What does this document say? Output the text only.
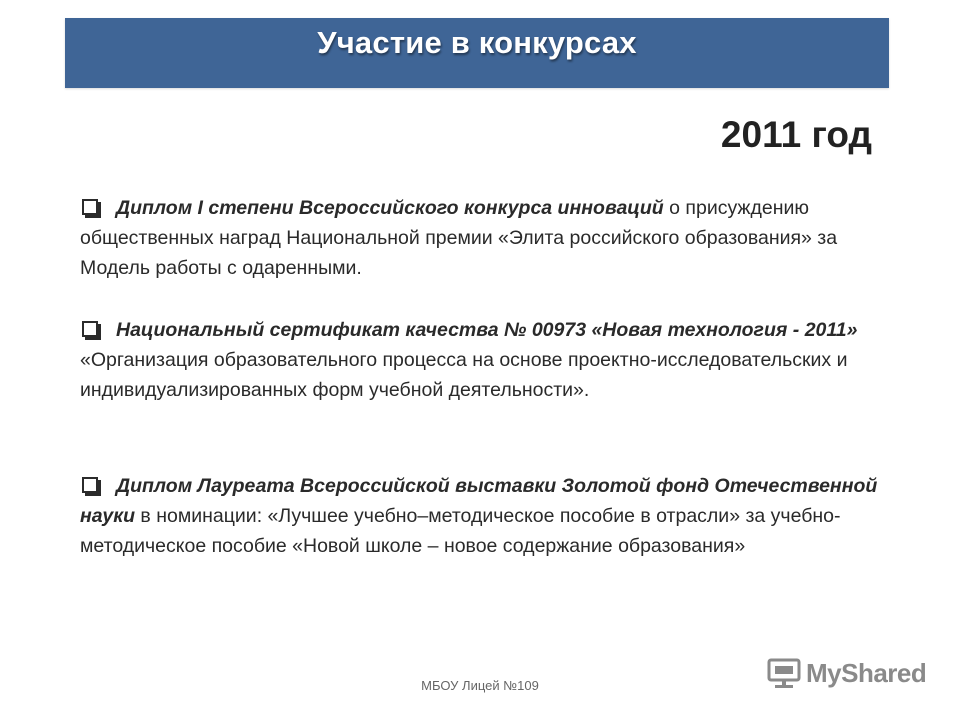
Участие в конкурсах
2011 год
Диплом I степени Всероссийского конкурса инноваций о присуждению общественных наград Национальной премии «Элита российского образования» за Модель работы с одаренными.
Национальный сертификат качества № 00973 «Новая технология - 2011» «Организация образовательного процесса на основе проектно-исследовательских и индивидуализированных форм учебной деятельности».
Диплом Лауреата Всероссийской выставки Золотой фонд Отечественной науки в номинации: «Лучшее учебно–методическое пособие в отрасли» за учебно-методическое пособие «Новой школе – новое содержание образования»
МБОУ Лицей №109	MyShared
